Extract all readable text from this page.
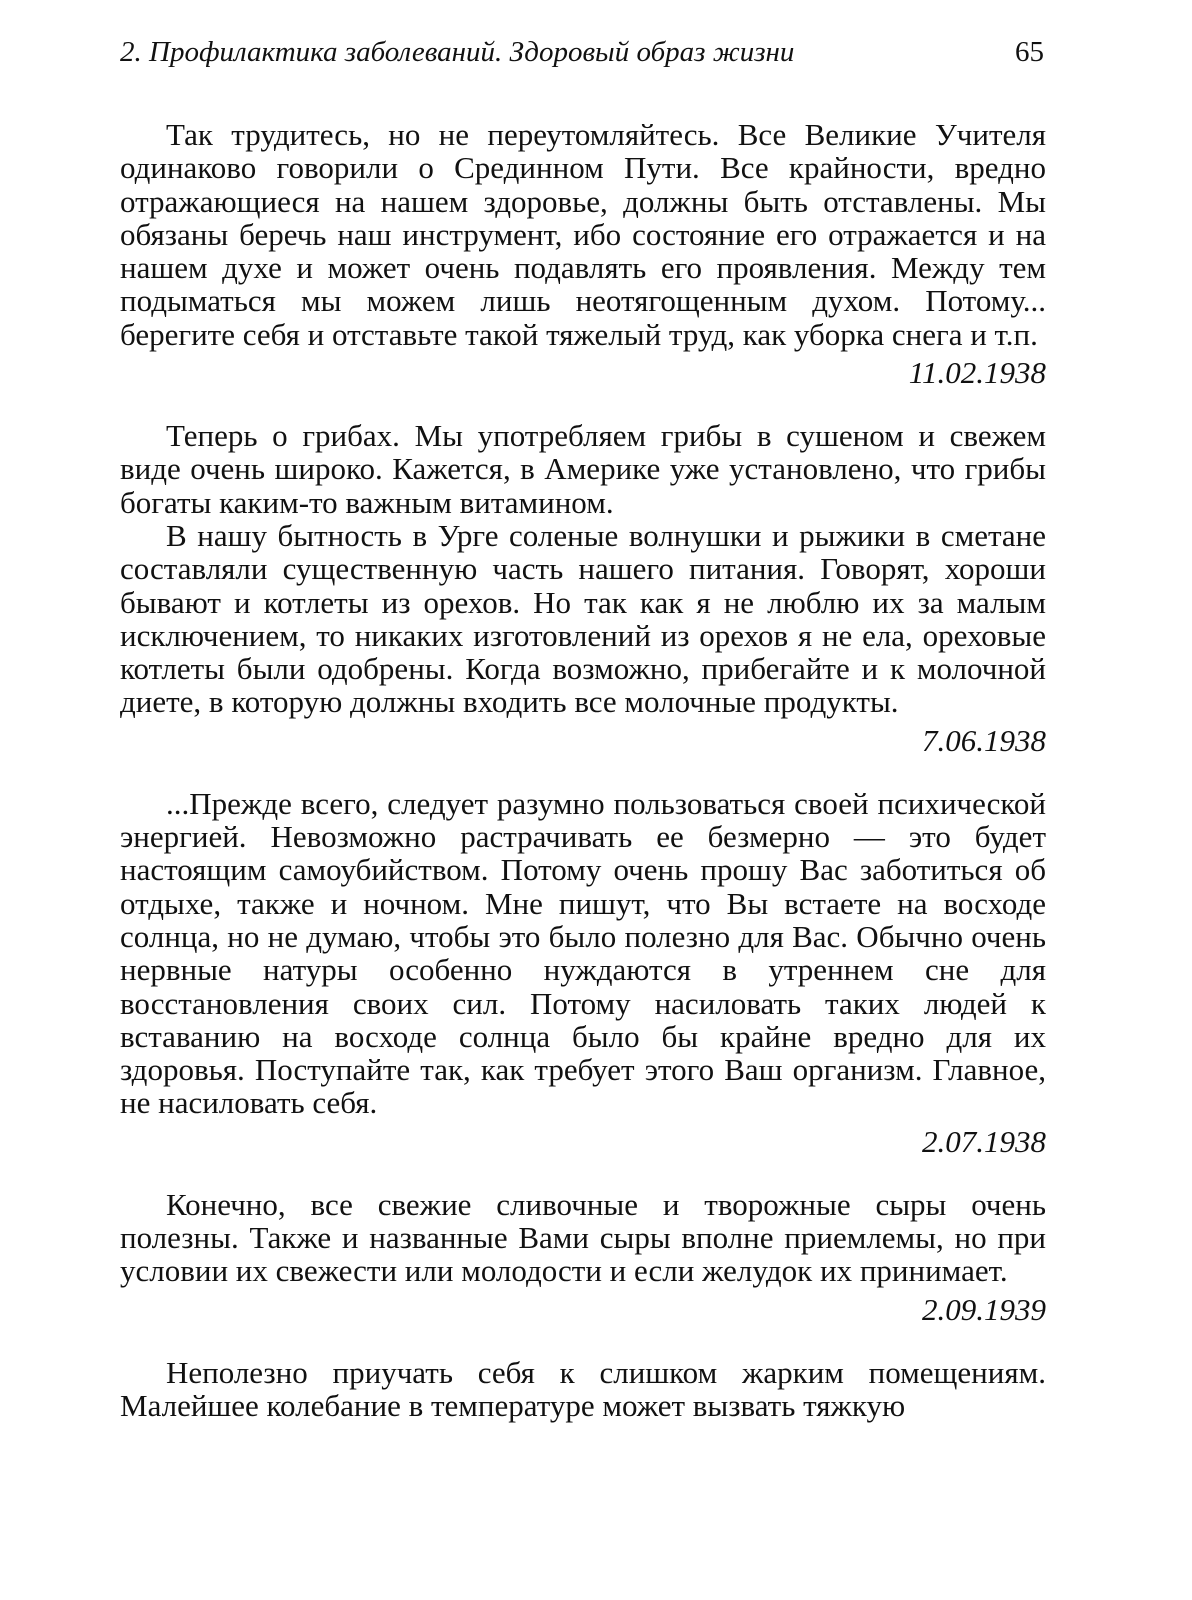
2. Профилактика заболеваний. Здоровый образ жизни	65

Так трудитесь, но не переутомляйтесь. Все Великие Учителя одинаково говорили о Срединном Пути. Все крайности, вредно отражающиеся на нашем здоровье, должны быть отставлены. Мы обязаны беречь наш инструмент, ибо состояние его отражается и на нашем духе и может очень подавлять его проявления. Между тем подыматься мы можем лишь неотягощенным духом. Потому... берегите себя и отставьте такой тяжелый труд, как уборка снега и т.п.

11.02.1938

Теперь о грибах. Мы употребляем грибы в сушеном и свежем виде очень широко. Кажется, в Америке уже установлено, что грибы богаты каким-то важным витамином.

В нашу бытность в Урге соленые волнушки и рыжики в сметане составляли существенную часть нашего питания. Говорят, хороши бывают и котлеты из орехов. Но так как я не люблю их за малым исключением, то никаких изготовлений из орехов я не ела, ореховые котлеты были одобрены. Когда возможно, прибегайте и к молочной диете, в которую должны входить все молочные продукты.

7.06.1938

...Прежде всего, следует разумно пользоваться своей психической энергией. Невозможно растрачивать ее безмерно — это будет настоящим самоубийством. Потому очень прошу Вас заботиться об отдыхе, также и ночном. Мне пишут, что Вы встаете на восходе солнца, но не думаю, чтобы это было полезно для Вас. Обычно очень нервные натуры особенно нуждаются в утреннем сне для восстановления своих сил. Потому насиловать таких людей к вставанию на восходе солнца было бы крайне вредно для их здоровья. Поступайте так, как требует этого Ваш организм. Главное, не насиловать себя.

2.07.1938

Конечно, все свежие сливочные и творожные сыры очень полезны. Также и названные Вами сыры вполне приемлемы, но при условии их свежести или молодости и если желудок их принимает.

2.09.1939

Неполезно приучать себя к слишком жарким помещениям. Малейшее колебание в температуре может вызвать тяжкую
